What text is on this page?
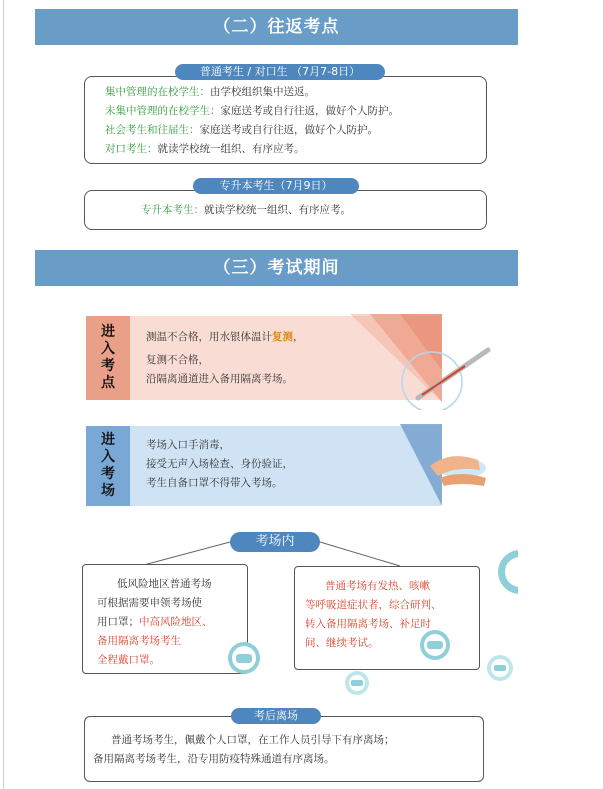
（二）往返考点
集中管理的在校学生：由学校组织集中送返。
未集中管理的在校学生：家庭送考或自行往返，做好个人防护。
社会考生和往届生：家庭送考或自行往返，做好个人防护。
对口考生：就读学校统一组织、有序应考。
普通考生 / 对口生 （7月7-8日）
专升本考生：就读学校统一组织、有序应考。
专升本考生（7月9日）
（三）考试期间
进
入
考
点
测温不合格，用水银体温计复测，
复测不合格，
沿隔离通道进入备用隔离考场。
进
入
考
场
考场入口手消毒，
接受无声入场检查、身份验证，
考生自备口罩不得带入考场。
考场内
低风险地区普通考场
可根据需要申领考场使
用口罩；中高风险地区、
备用隔离考场考生
全程戴口罩。
普通考场有发热、咳嗽
等呼吸道症状者，综合研判、
转入备用隔离考场、补足时
间、继续考试。
普通考场考生，佩戴个人口罩，在工作人员引导下有序离场；
备用隔离考场考生，沿专用防疫特殊通道有序离场。
考后离场
